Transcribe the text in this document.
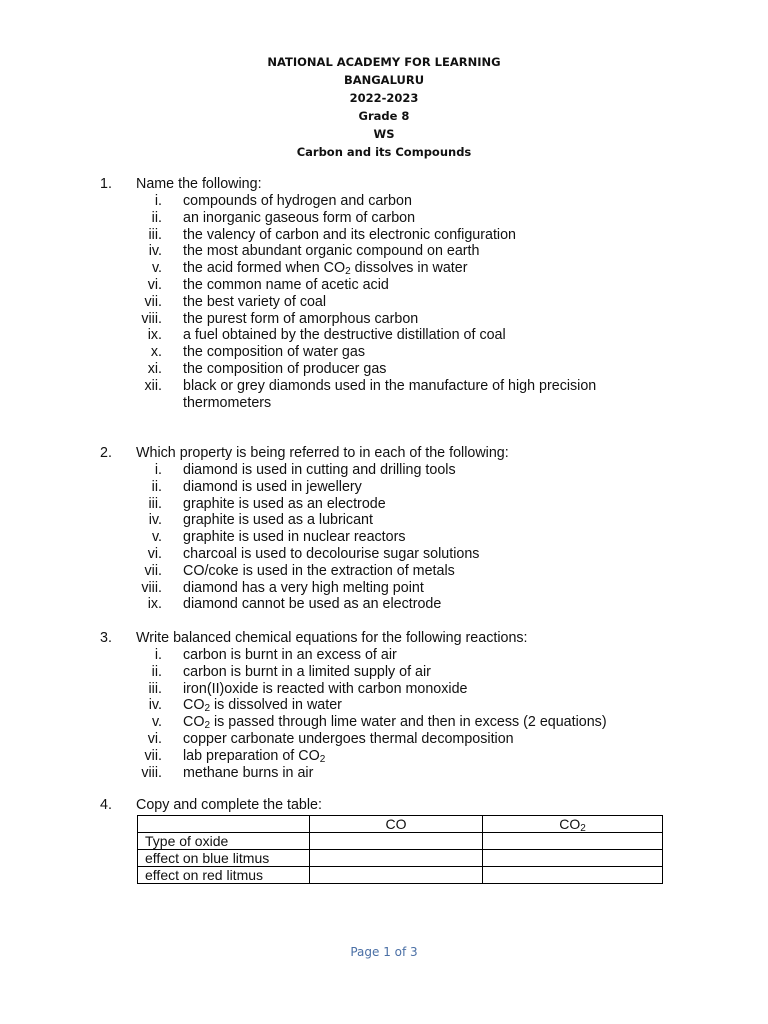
NATIONAL ACADEMY FOR LEARNING
BANGALURU
2022-2023
Grade 8
WS
Carbon and its Compounds
1. Name the following:
i. compounds of hydrogen and carbon
ii. an inorganic gaseous form of carbon
iii. the valency of carbon and its electronic configuration
iv. the most abundant organic compound on earth
v. the acid formed when $CO_2$ dissolves in water
vi. the common name of acetic acid
vii. the best variety of coal
viii. the purest form of amorphous carbon
ix. a fuel obtained by the destructive distillation of coal
x. the composition of water gas
xi. the composition of producer gas
xii. black or grey diamonds used in the manufacture of high precision
thermometers
2. Which property is being referred to in each of the following:
i. diamond is used in cutting and drilling tools
ii. diamond is used in jewellery
iii. graphite is used as an electrode
iv. graphite is used as a lubricant
v. graphite is used in nuclear reactors
vi. charcoal is used to decolourise sugar solutions
vii. CO/coke is used in the extraction of metals
viii. diamond has a very high melting point
ix. diamond cannot be used as an electrode
3. Write balanced chemical equations for the following reactions:
i. carbon is burnt in an excess of air
ii. carbon is burnt in a limited supply of air
iii. iron(II)oxide is reacted with carbon monoxide
iv. $CO_2$ is dissolved in water
v. $CO_2$ is passed through lime water and then in excess (2 equations)
vi. copper carbonate undergoes thermal decomposition
vii. lab preparation of $CO_2$
viii. methane burns in air
4. Copy and complete the table:
	CO	$CO_2$
Type of oxide		
effect on blue litmus		
effect on red litmus		
Page 1 of 3
